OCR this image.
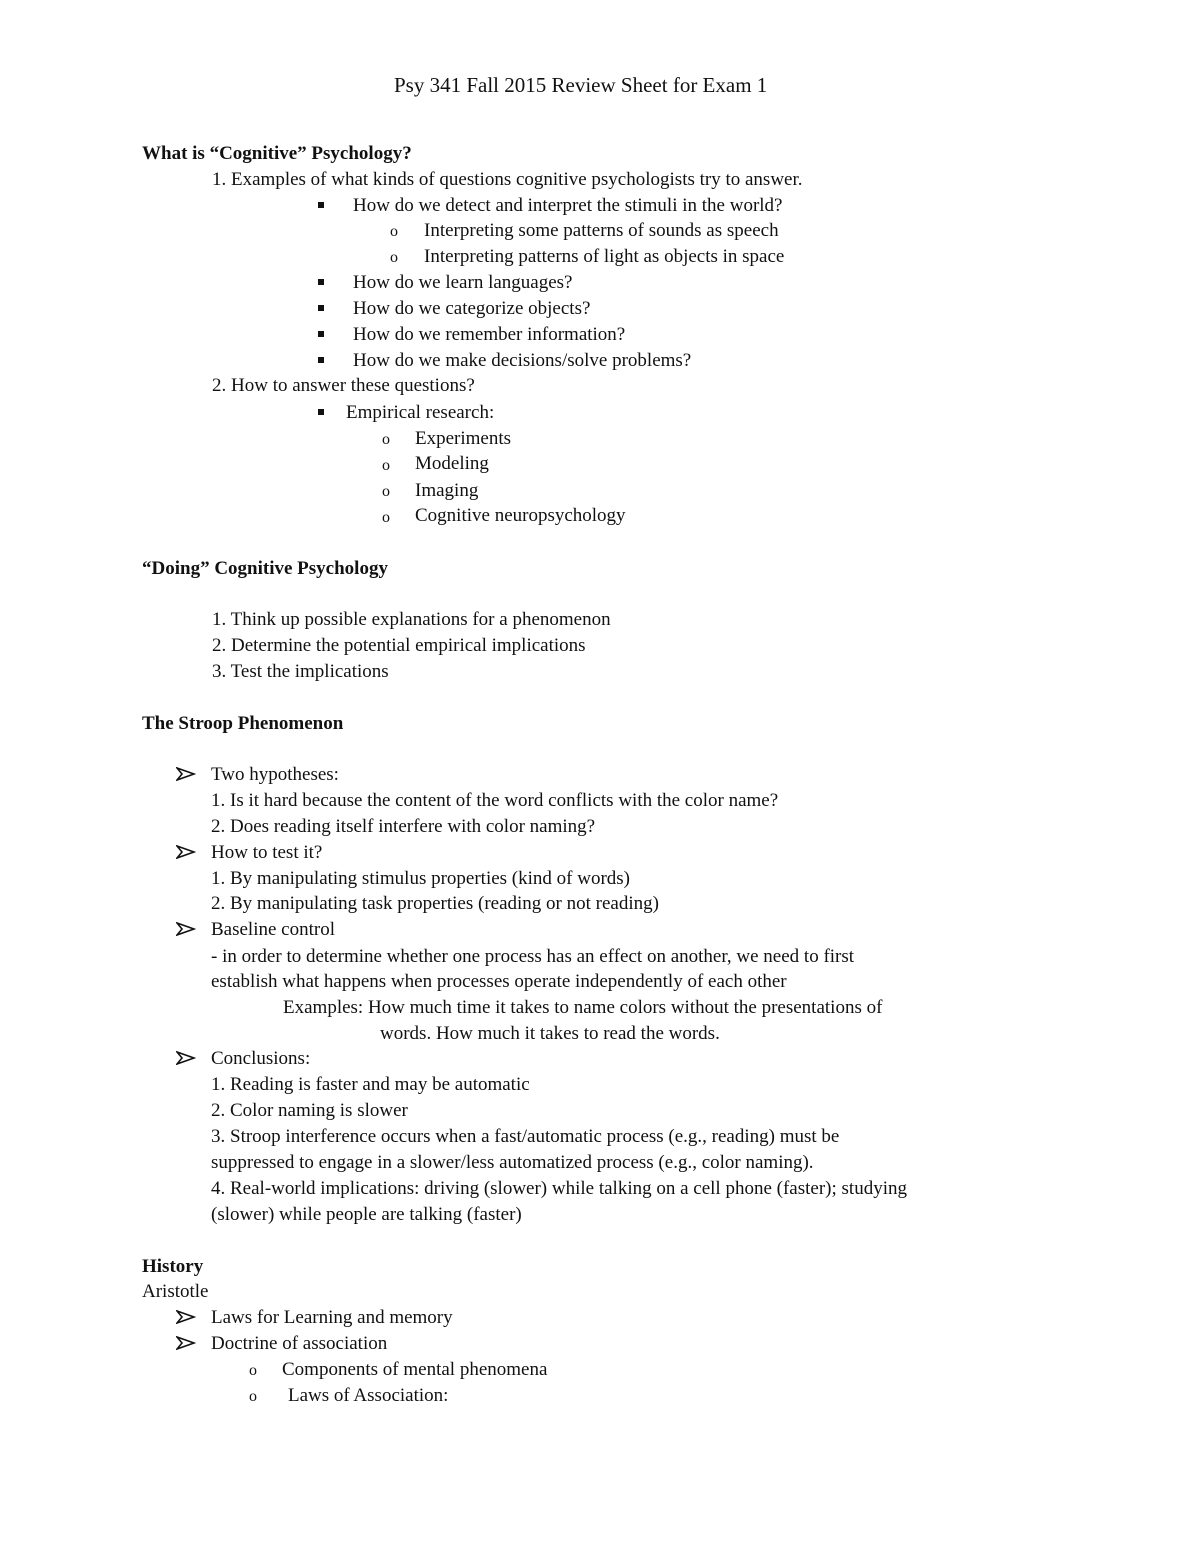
Psy 341 Fall 2015 Review Sheet for Exam 1
What is “Cognitive” Psychology?
1. Examples of what kinds of questions cognitive psychologists try to answer.
How do we detect and interpret the stimuli in the world?
o Interpreting some patterns of sounds as speech
o Interpreting patterns of light as objects in space
How do we learn languages?
How do we categorize objects?
How do we remember information?
How do we make decisions/solve problems?
2. How to answer these questions?
Empirical research:
o Experiments
o Modeling
o Imaging
o Cognitive neuropsychology
“Doing” Cognitive Psychology
1. Think up possible explanations for a phenomenon
2. Determine the potential empirical implications
3. Test the implications
The Stroop Phenomenon
Two hypotheses:
1. Is it hard because the content of the word conflicts with the color name?
2. Does reading itself interfere with color naming?
How to test it?
1. By manipulating stimulus properties (kind of words)
2. By manipulating task properties (reading or not reading)
Baseline control
- in order to determine whether one process has an effect on another, we need to first
establish what happens when processes operate independently of each other
Examples: How much time it takes to name colors without the presentations of
words. How much it takes to read the words.
Conclusions:
1. Reading is faster and may be automatic
2. Color naming is slower
3. Stroop interference occurs when a fast/automatic process (e.g., reading) must be
suppressed to engage in a slower/less automatized process (e.g., color naming).
4. Real-world implications: driving (slower) while talking on a cell phone (faster); studying
(slower) while people are talking (faster)
History
Aristotle
Laws for Learning and memory
Doctrine of association
o Components of mental phenomena
o Laws of Association:
